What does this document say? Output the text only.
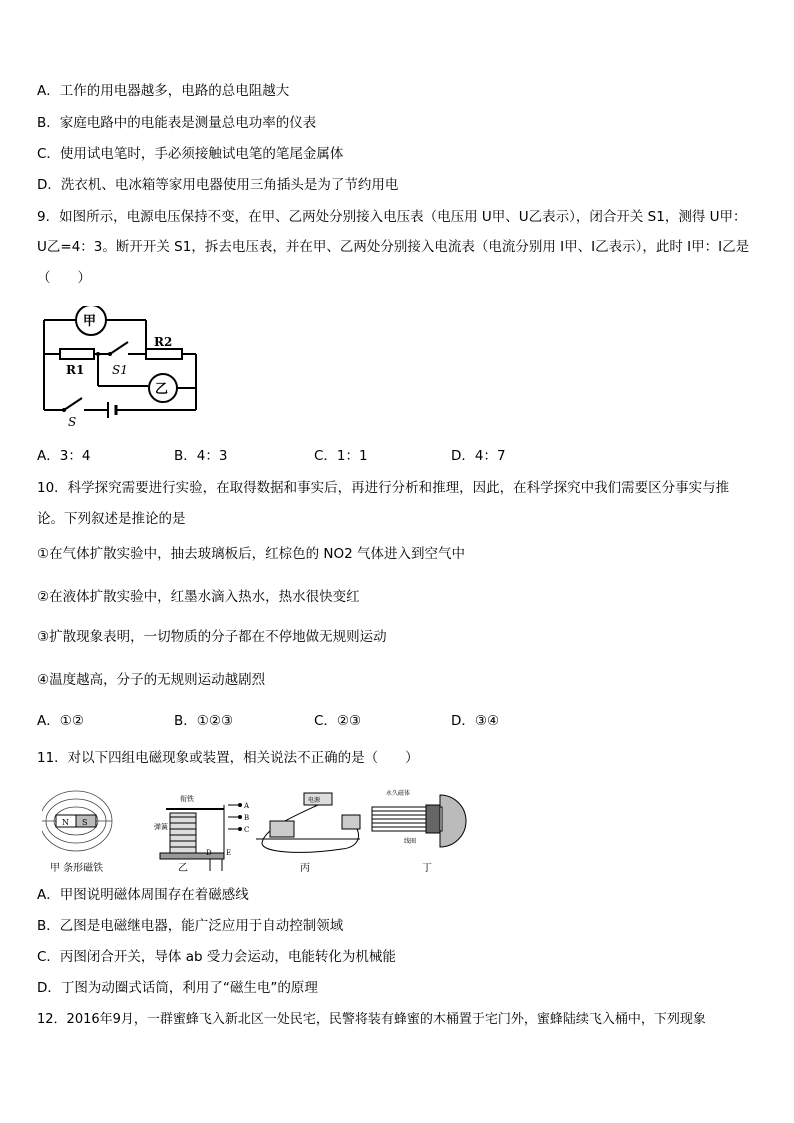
A．工作的用电器越多，电路的总电阻越大
B．家庭电路中的电能表是测量总电功率的仪表
C．使用试电笔时，手必须接触试电笔的笔尾金属体
D．洗衣机、电冰箱等家用电器使用三角插头是为了节约用电
9．如图所示，电源电压保持不变，在甲、乙两处分别接入电压表（电压用 U甲、U乙表示），闭合开关 S1，测得 U甲：
U乙=4：3。断开开关 S1，拆去电压表，并在甲、乙两处分别接入电流表（电流分别用 I甲、I乙表示），此时 I甲：I乙是
（　　）
甲
乙
R1
R2
S1
S
A．3：4	B．4：3	C．1：1	D．4：7
10．科学探究需要进行实验，在取得数据和事实后，再进行分析和推理，因此，在科学探究中我们需要区分事实与推
论。下列叙述是推论的是
①在气体扩散实验中，抽去玻璃板后，红棕色的 NO2 气体进入到空气中
②在液体扩散实验中，红墨水滴入热水，热水很快变红
③扩散现象表明，一切物质的分子都在不停地做无规则运动
④温度越高，分子的无规则运动越剧烈
A．①②	B．①②③	C．②③	D．③④
11．对以下四组电磁现象或装置，相关说法不正确的是（　　）
N S
甲 条形磁铁
衔铁
A
B
C
D E
弹簧
乙
电源
丙
永久磁体
线圈
丁
A．甲图说明磁体周围存在着磁感线
B．乙图是电磁继电器，能广泛应用于自动控制领域
C．丙图闭合开关，导体 ab 受力会运动，电能转化为机械能
D．丁图为动圈式话筒，利用了“磁生电”的原理
12．2016年9月，一群蜜蜂飞入新北区一处民宅，民警将装有蜂蜜的木桶置于宅门外，蜜蜂陆续飞入桶中，下列现象
